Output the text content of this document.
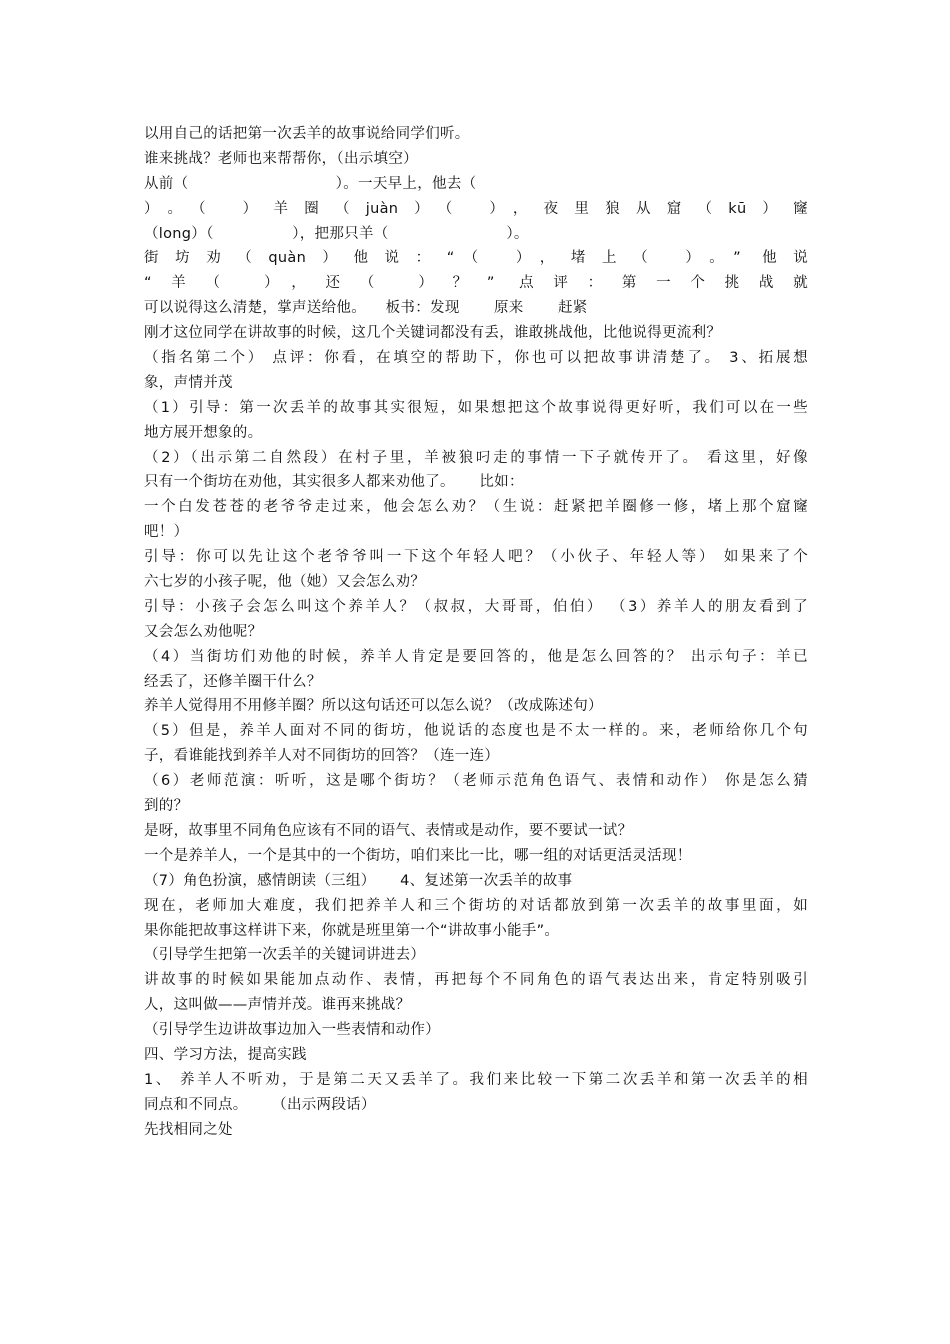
以用自己的话把第一次丢羊的故事说给同学们听。
谁来挑战？老师也来帮帮你，（出示填空）
从前（                              ）。一天早上，他去（
）。（ ）羊圈（juàn）（ ），夜里狼从窟（kū）窿
（long）（                ），把那只羊（                        ）。
街坊劝（quàn）他说：“（ ），堵上（ ）。” 他说
“羊（ ），还（ ）？” 点评：第一个挑战就
可以说得这么清楚，掌声送给他。    板书：发现       原来       赶紧
刚才这位同学在讲故事的时候，这几个关键词都没有丢，谁敢挑战他，比他说得更流利？
（指名第二个） 点评：你看，在填空的帮助下，你也可以把故事讲清楚了。 3、拓展想
象，声情并茂
（1）引导：第一次丢羊的故事其实很短，如果想把这个故事说得更好听，我们可以在一些
地方展开想象的。
（2）（出示第二自然段）在村子里，羊被狼叼走的事情一下子就传开了。 看这里，好像
只有一个街坊在劝他，其实很多人都来劝他了。     比如：
一个白发苍苍的老爷爷走过来，他会怎么劝？（生说：赶紧把羊圈修一修，堵上那个窟窿
吧！）
引导：你可以先让这个老爷爷叫一下这个年轻人吧？（小伙子、年轻人等） 如果来了个
六七岁的小孩子呢，他（她）又会怎么劝？
引导：小孩子会怎么叫这个养羊人？（叔叔，大哥哥，伯伯） （3）养羊人的朋友看到了
又会怎么劝他呢？
（4）当街坊们劝他的时候，养羊人肯定是要回答的，他是怎么回答的？ 出示句子：羊已
经丢了，还修羊圈干什么？
养羊人觉得用不用修羊圈？所以这句话还可以怎么说？（改成陈述句）
（5）但是，养羊人面对不同的街坊，他说话的态度也是不太一样的。来，老师给你几个句
子，看谁能找到养羊人对不同街坊的回答？（连一连）
（6）老师范演：听听，这是哪个街坊？（老师示范角色语气、表情和动作） 你是怎么猜
到的？
是呀，故事里不同角色应该有不同的语气、表情或是动作，要不要试一试？
一个是养羊人，一个是其中的一个街坊，咱们来比一比，哪一组的对话更活灵活现！
（7）角色扮演，感情朗读（三组）     4、复述第一次丢羊的故事
现在，老师加大难度，我们把养羊人和三个街坊的对话都放到第一次丢羊的故事里面，如
果你能把故事这样讲下来，你就是班里第一个“讲故事小能手”。
（引导学生把第一次丢羊的关键词讲进去）
讲故事的时候如果能加点动作、表情，再把每个不同角色的语气表达出来，肯定特别吸引
人，这叫做——声情并茂。谁再来挑战？
（引导学生边讲故事边加入一些表情和动作）
四、学习方法，提高实践
1、 养羊人不听劝，于是第二天又丢羊了。我们来比较一下第二次丢羊和第一次丢羊的相
同点和不同点。     （出示两段话）
先找相同之处
